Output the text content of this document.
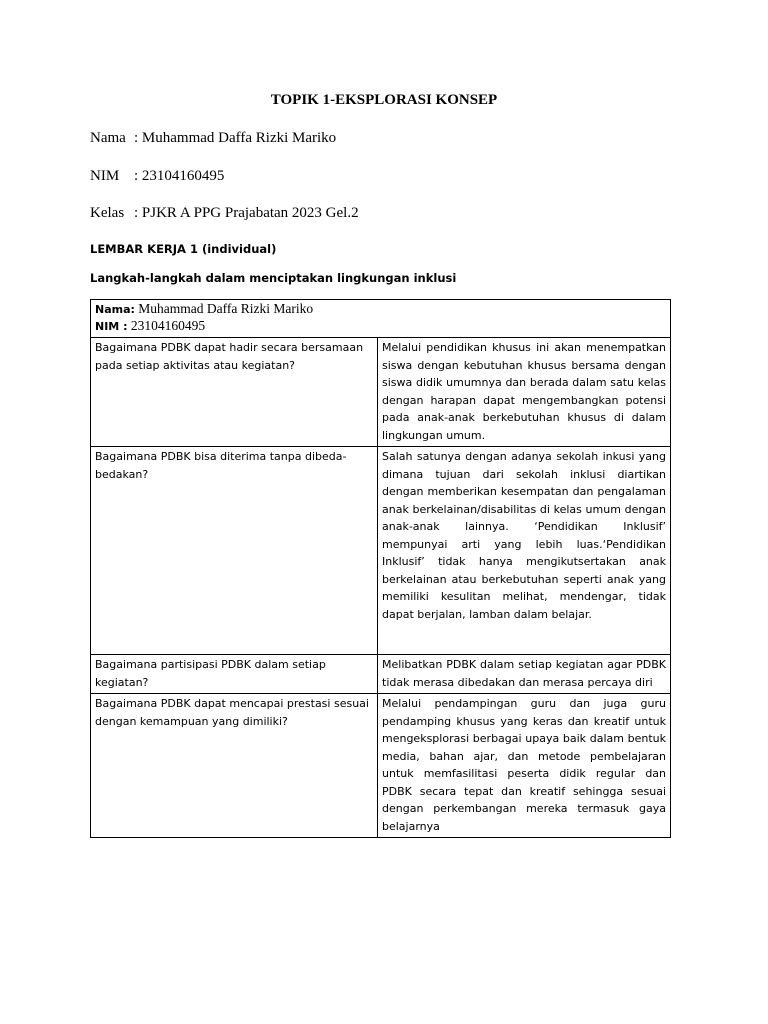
TOPIK 1-EKSPLORASI KONSEP
Nama : Muhammad Daffa Rizki Mariko
NIM : 23104160495
Kelas : PJKR A PPG Prajabatan 2023 Gel.2
LEMBAR KERJA 1 (individual)
Langkah-langkah dalam menciptakan lingkungan inklusi
Nama: Muhammad Daffa Rizki Mariko
NIM : 23104160495	

Bagaimana PDBK dapat hadir secara bersamaan pada setiap aktivitas atau kegiatan?	Melalui pendidikan khusus ini akan menempatkan siswa dengan kebutuhan khusus bersama dengan siswa didik umumnya dan berada dalam satu kelas dengan harapan dapat mengembangkan potensi pada anak-anak berkebutuhan khusus di dalam lingkungan umum.
Bagaimana PDBK bisa diterima tanpa dibeda-bedakan?	Salah satunya dengan adanya sekolah inkusi yang dimana tujuan dari sekolah inklusi diartikan dengan memberikan kesempatan dan pengalaman anak berkelainan/disabilitas di kelas umum dengan anak-anak lainnya. ‘Pendidikan Inklusif’ mempunyai arti yang lebih luas.‘Pendidikan Inklusif’ tidak hanya mengikutsertakan anak berkelainan atau berkebutuhan seperti anak yang memiliki kesulitan melihat, mendengar, tidak dapat berjalan, lamban dalam belajar.
Bagaimana partisipasi PDBK dalam setiap kegiatan?	Melibatkan PDBK dalam setiap kegiatan agar PDBK tidak merasa dibedakan dan merasa percaya diri
Bagaimana PDBK dapat mencapai prestasi sesuai dengan kemampuan yang dimiliki?	Melalui pendampingan guru dan juga guru pendamping khusus yang keras dan kreatif untuk mengeksplorasi berbagai upaya baik dalam bentuk media, bahan ajar, dan metode pembelajaran untuk memfasilitasi peserta didik regular dan PDBK secara tepat dan kreatif sehingga sesuai dengan perkembangan mereka termasuk gaya belajarnya
